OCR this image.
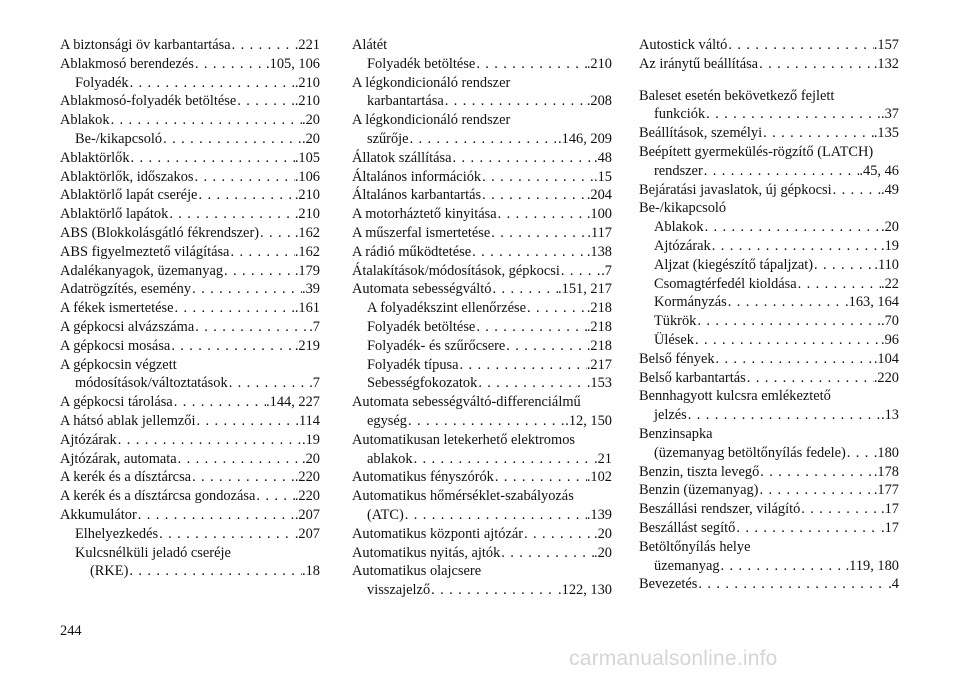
A biztonsági öv karbantartása . . .	.221
Ablakmosó berendezés . . .	.105, 106
Folyadék . . .	.210
Ablakmosó-folyadék betöltése . . .	.210
Ablakok . . .	.20
Be-/kikapcsoló . . .	.20
Ablaktörlők . . .	.105
Ablaktörlők, időszakos . . .	.106
Ablaktörlő lapát cseréje . . .	.210
Ablaktörlő lapátok . . .	.210
ABS (Blokkolásgátló fékrendszer) . . . .162
ABS figyelmeztető világítása . . .	.162
Adalékanyagok, üzemanyag . . .	.179
Adatrögzítés, esemény . . .	.39
A fékek ismertetése . . .	.161
A gépkocsi alvázszáma . . .	.7
A gépkocsi mosása . . .	.219
A gépkocsin végzett
módosítások/változtatások . . .	.7
A gépkocsi tárolása . . .	.144, 227
A hátsó ablak jellemzői . . .	.114
Ajtózárak . . .	.19
Ajtózárak, automata . . .	.20
A kerék és a dísztárcsa . . .	.220
A kerék és a dísztárcsa gondozása . . .	.220
Akkumulátor . . .	.207
Elhelyezkedés . . .	.207
Kulcsnélküli jeladó cseréje
(RKE) . . .	.18
Alátét
Folyadék betöltése . . .	.210
A légkondicionáló rendszer
karbantartása . . .	.208
A légkondicionáló rendszer
szűrője . . .	.146, 209
Állatok szállítása . . .	.48
Általános információk . . .	.15
Általános karbantartás . . .	.204
A motorháztető kinyitása . . .	.100
A műszerfal ismertetése . . .	.117
A rádió működtetése . . .	.138
Átalakítások/módosítások, gépkocsi . . .	.7
Automata sebességváltó . . .	.151, 217
A folyadékszint ellenőrzése . . .	.218
Folyadék betöltése . . .	.218
Folyadék- és szűrőcsere . . .	.218
Folyadék típusa . . .	.217
Sebességfokozatok . . .	.153
Automata sebességváltó-differenciálmű
egység . . .	.12, 150
Automatikusan letekerhető elektromos
ablakok . . .	.21
Automatikus fényszórók . . .	.102
Automatikus hőmérséklet-szabályozás
(ATC) . . .	.139
Automatikus központi ajtózár . . .	.20
Automatikus nyitás, ajtók . . .	.20
Automatikus olajcsere
visszajelző . . .	.122, 130
Autostick váltó . . .	.157
Az iránytű beállítása . . .	.132
Baleset esetén bekövetkező fejlett
funkciók . . .	.37
Beállítások, személyi . . .	.135
Beépített gyermekülés-rögzítő (LATCH)
rendszer . . .	.45, 46
Bejáratási javaslatok, új gépkocsi . . .	.49
Be-/kikapcsoló
Ablakok . . .	.20
Ajtózárak . . .	.19
Aljzat (kiegészítő tápaljzat) . . .	.110
Csomagtérfedél kioldása . . .	.22
Kormányzás . . .	.163, 164
Tükrök . . .	.70
Ülések . . .	.96
Belső fények . . .	.104
Belső karbantartás . . .	.220
Bennhagyott kulcsra emlékeztető
jelzés . . .	.13
Benzinsapka
(üzemanyag betöltőnyílás fedele) . . . .180
Benzin, tiszta levegő . . .	.178
Benzin (üzemanyag) . . .	.177
Beszállási rendszer, világító . . .	.17
Beszállást segítő . . .	.17
Betöltőnyílás helye
üzemanyag . . .	.119, 180
Bevezetés . . .	.4
244
carmanualsonline.info
